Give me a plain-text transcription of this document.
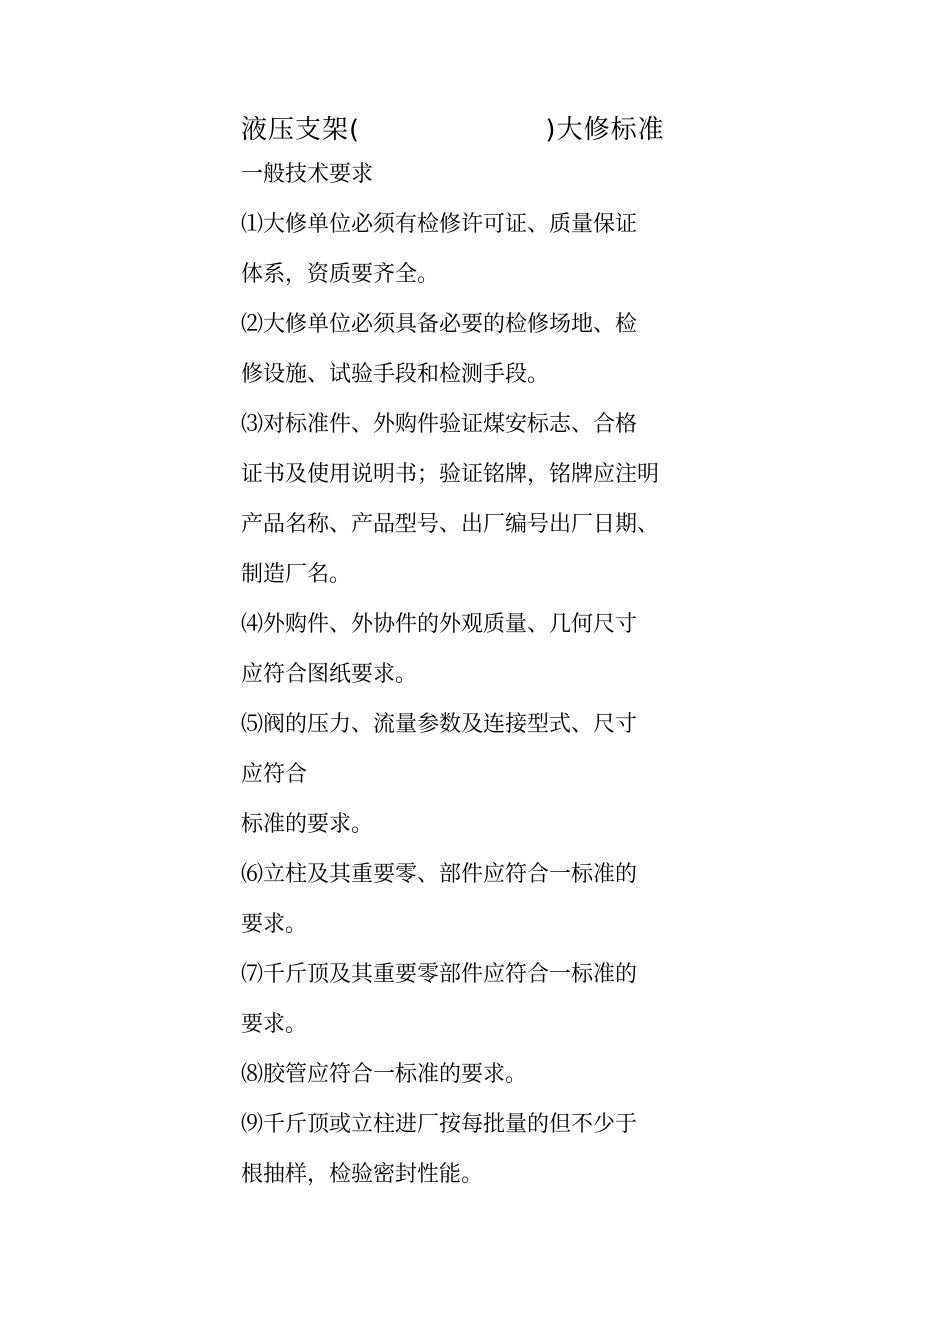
液压支架(                    )大修标准
一般技术要求
⑴大修单位必须有检修许可证、质量保证
体系，资质要齐全。
⑵大修单位必须具备必要的检修场地、检
修设施、试验手段和检测手段。
⑶对标准件、外购件验证煤安标志、合格
证书及使用说明书；验证铭牌，铭牌应注明
产品名称、产品型号、出厂编号出厂日期、
制造厂名。
⑷外购件、外协件的外观质量、几何尺寸
应符合图纸要求。
⑸阀的压力、流量参数及连接型式、尺寸
应符合
标准的要求。
⑹立柱及其重要零、部件应符合一标准的
要求。
⑺千斤顶及其重要零部件应符合一标准的
要求。
⑻胶管应符合一标准的要求。
⑼千斤顶或立柱进厂按每批量的但不少于
根抽样，检验密封性能。
